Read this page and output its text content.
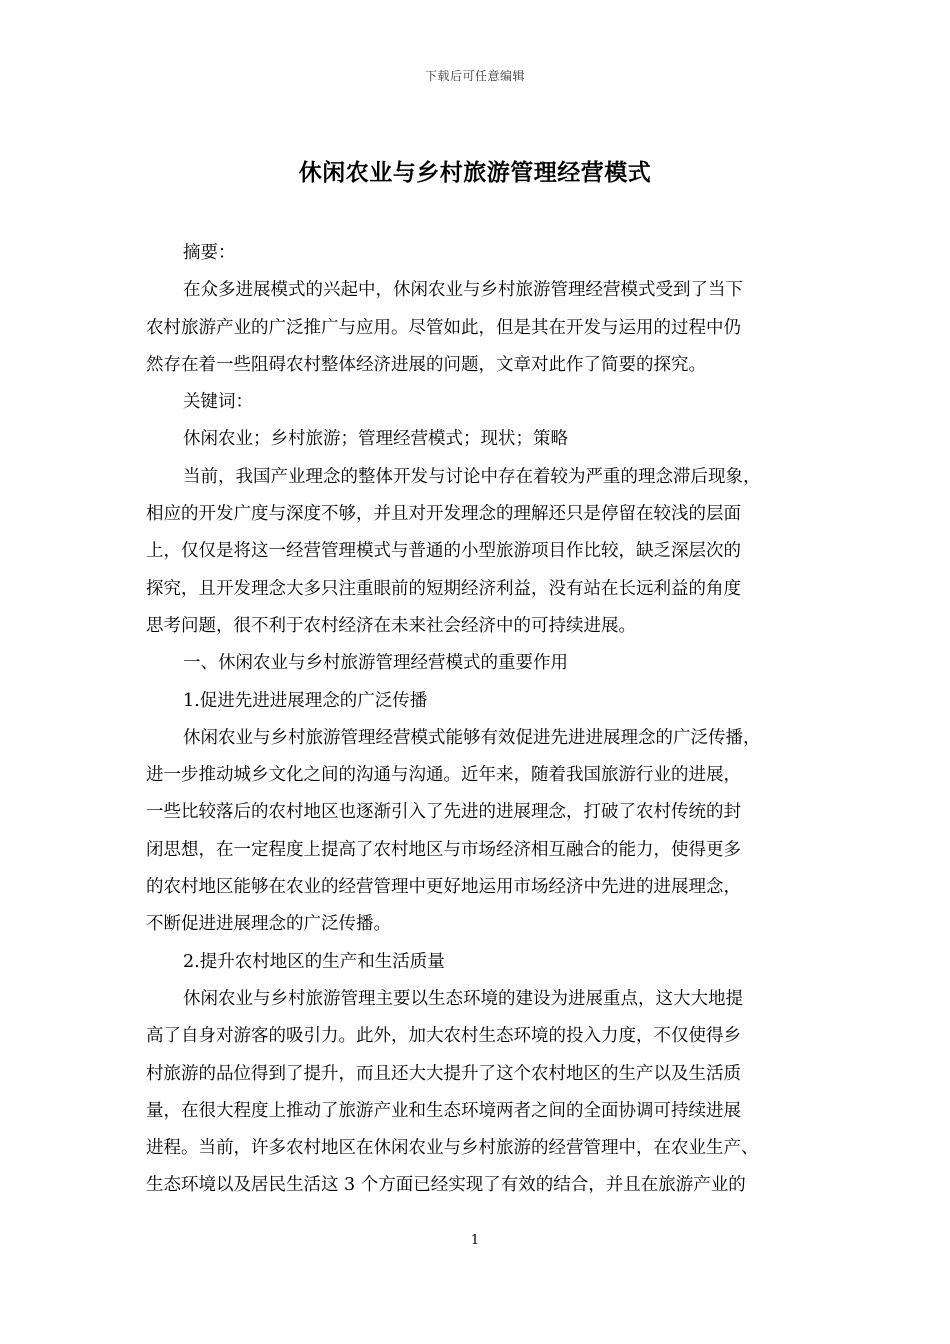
下载后可任意编辑
休闲农业与乡村旅游管理经营模式
摘要：
在众多进展模式的兴起中，休闲农业与乡村旅游管理经营模式受到了当下
农村旅游产业的广泛推广与应用。尽管如此，但是其在开发与运用的过程中仍
然存在着一些阻碍农村整体经济进展的问题，文章对此作了简要的探究。
关键词：
休闲农业；乡村旅游；管理经营模式；现状；策略
当前，我国产业理念的整体开发与讨论中存在着较为严重的理念滞后现象，
相应的开发广度与深度不够，并且对开发理念的理解还只是停留在较浅的层面
上，仅仅是将这一经营管理模式与普通的小型旅游项目作比较，缺乏深层次的
探究，且开发理念大多只注重眼前的短期经济利益，没有站在长远利益的角度
思考问题，很不利于农村经济在未来社会经济中的可持续进展。
一、休闲农业与乡村旅游管理经营模式的重要作用
1.促进先进进展理念的广泛传播
休闲农业与乡村旅游管理经营模式能够有效促进先进进展理念的广泛传播，
进一步推动城乡文化之间的沟通与沟通。近年来，随着我国旅游行业的进展，
一些比较落后的农村地区也逐渐引入了先进的进展理念，打破了农村传统的封
闭思想，在一定程度上提高了农村地区与市场经济相互融合的能力，使得更多
的农村地区能够在农业的经营管理中更好地运用市场经济中先进的进展理念，
不断促进进展理念的广泛传播。
2.提升农村地区的生产和生活质量
休闲农业与乡村旅游管理主要以生态环境的建设为进展重点，这大大地提
高了自身对游客的吸引力。此外，加大农村生态环境的投入力度，不仅使得乡
村旅游的品位得到了提升，而且还大大提升了这个农村地区的生产以及生活质
量，在很大程度上推动了旅游产业和生态环境两者之间的全面协调可持续进展
进程。当前，许多农村地区在休闲农业与乡村旅游的经营管理中，在农业生产、
生态环境以及居民生活这 3 个方面已经实现了有效的结合，并且在旅游产业的
1
